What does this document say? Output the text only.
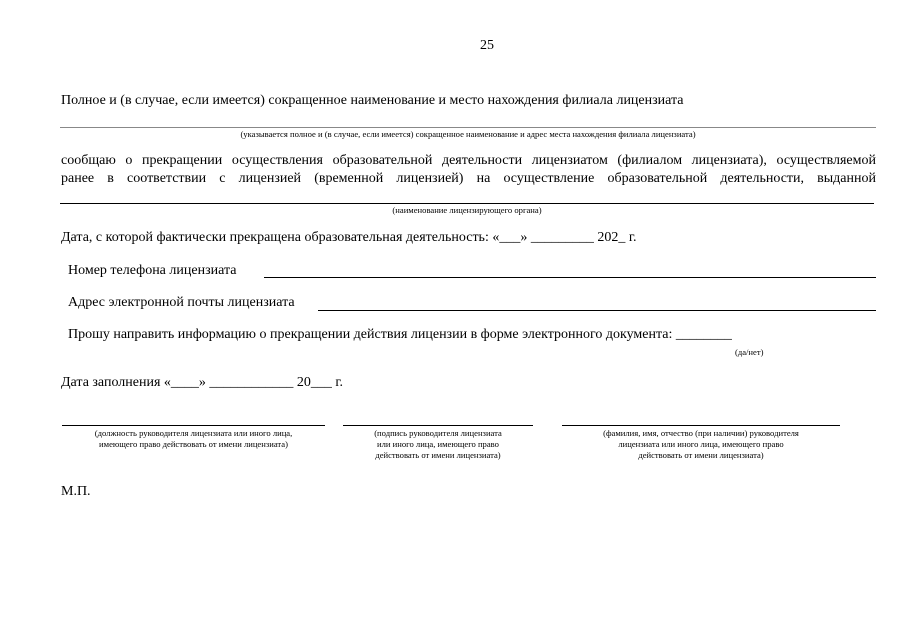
25
Полное и (в случае, если имеется) сокращенное наименование и место нахождения филиала лицензиата
(указывается полное и (в случае, если имеется) сокращенное наименование и адрес места нахождения филиала лицензиата)
сообщаю о прекращении осуществления образовательной деятельности лицензиатом (филиалом лицензиата), осуществляемой
ранее в соответствии с лицензией (временной лицензией) на осуществление образовательной деятельности, выданной
(наименование лицензирующего органа)
Дата, с которой фактически прекращена образовательная деятельность: «___» _________ 202_ г.
Номер телефона лицензиата
Адрес электронной почты лицензиата
Прошу направить информацию о прекращении действия лицензии в форме электронного документа: ________
(да/нет)
Дата заполнения «____» ____________ 20___ г.
(должность руководителя лицензиата или иного лица,
имеющего право действовать от имени лицензиата)
(подпись руководителя лицензиата
или иного лица, имеющего право
действовать от имени лицензиата)
(фамилия, имя, отчество (при наличии) руководителя
лицензиата или иного лица, имеющего право
действовать от имени лицензиата)
М.П.
